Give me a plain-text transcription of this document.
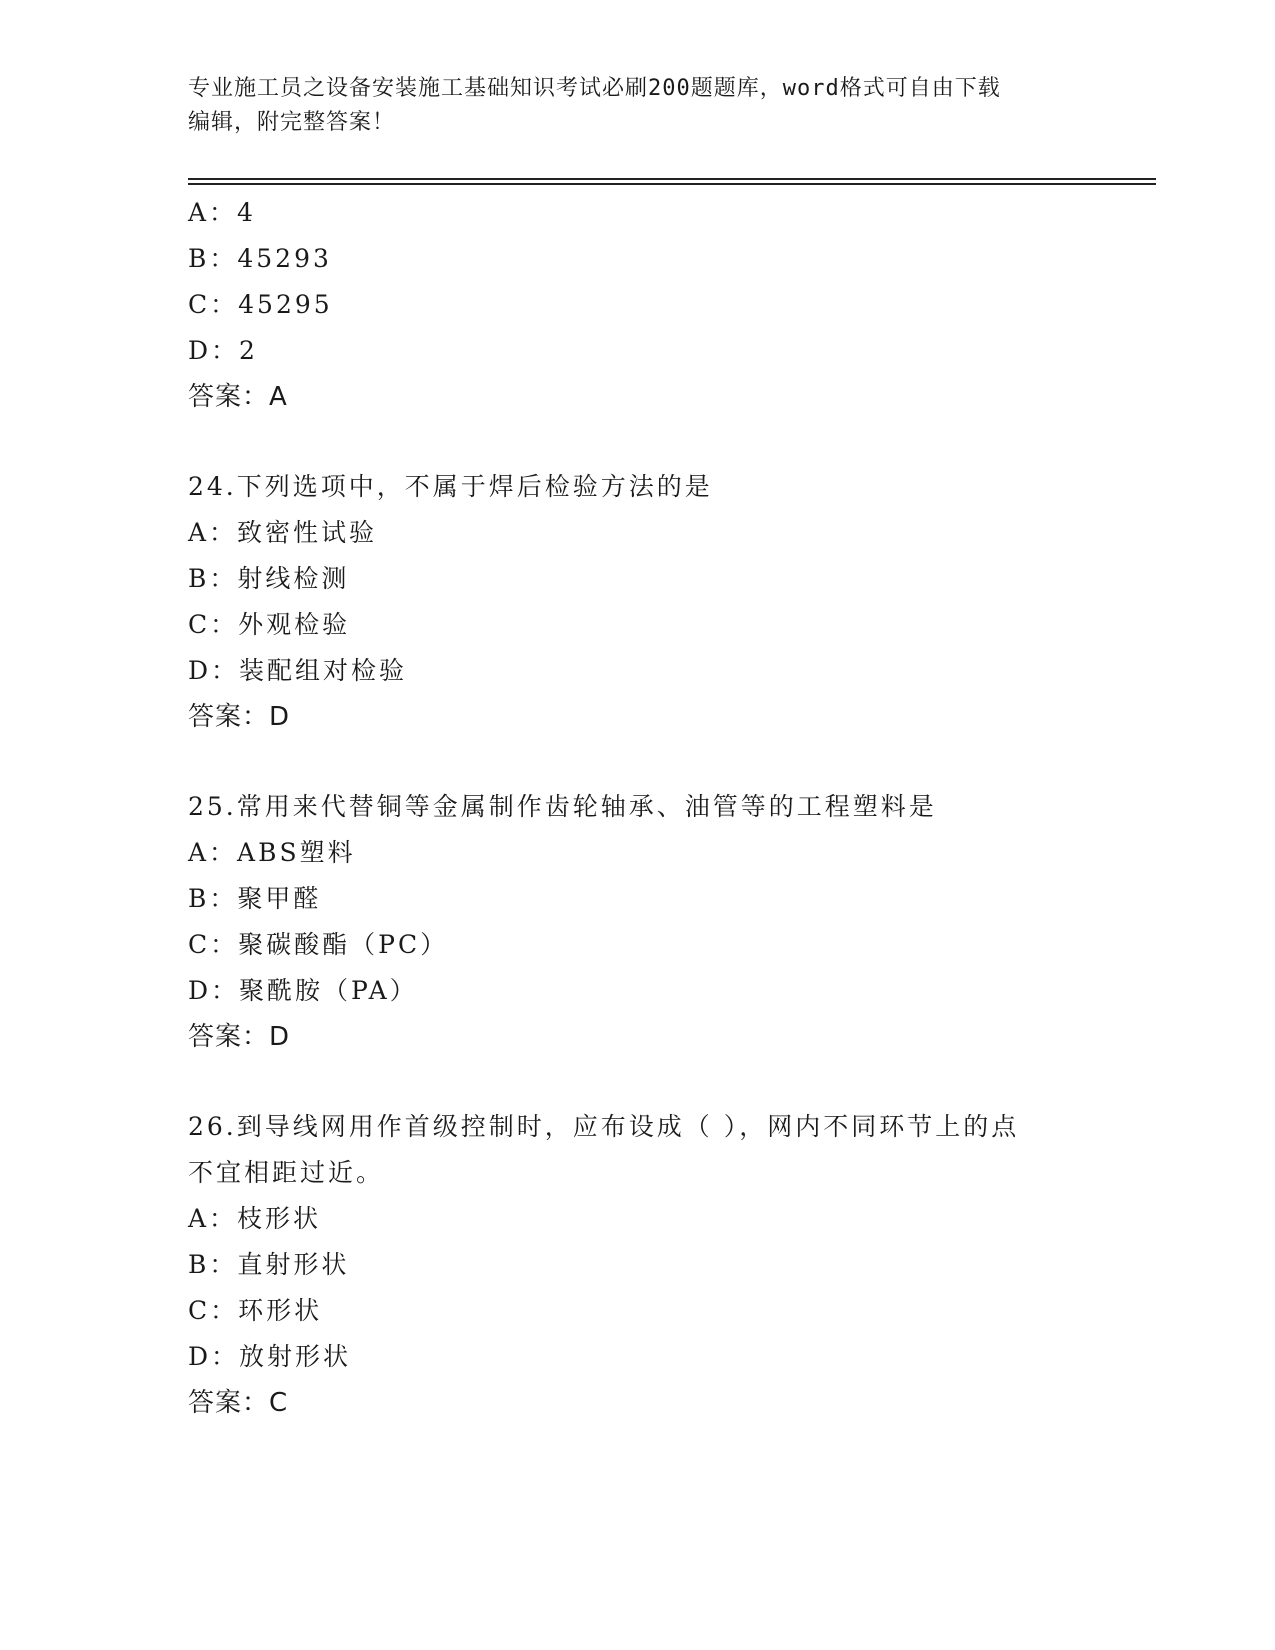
专业施工员之设备安装施工基础知识考试必刷200题题库，word格式可自由下载
编辑，附完整答案！
A：4
B：45293
C：45295
D：2
答案：A
24.下列选项中，不属于焊后检验方法的是
A：致密性试验
B：射线检测
C：外观检验
D：装配组对检验
答案：D
25.常用来代替铜等金属制作齿轮轴承、油管等的工程塑料是
A：ABS塑料
B：聚甲醛
C：聚碳酸酯（PC）
D：聚酰胺（PA）
答案：D
26.到导线网用作首级控制时，应布设成（ ），网内不同环节上的点
不宜相距过近。
A：枝形状
B：直射形状
C：环形状
D：放射形状
答案：C
